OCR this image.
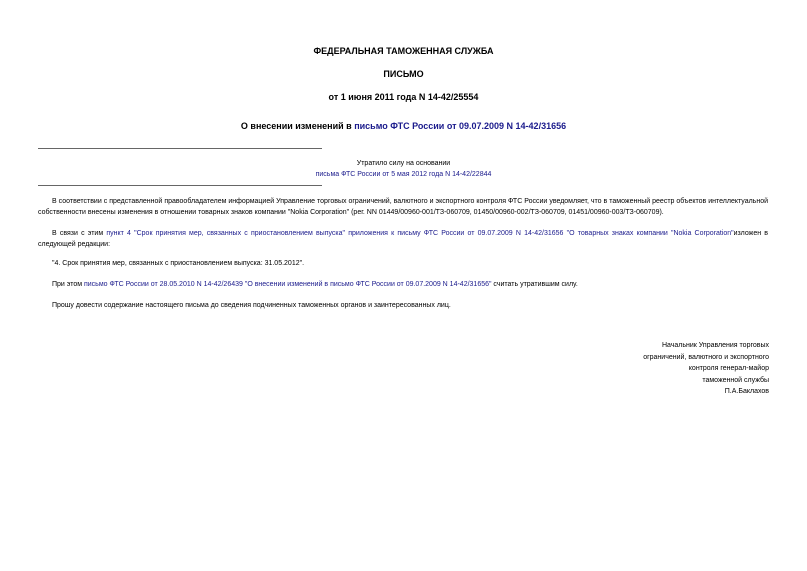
ФЕДЕРАЛЬНАЯ ТАМОЖЕННАЯ СЛУЖБА
ПИСЬМО
от 1 июня 2011 года N 14-42/25554
О внесении изменений в письмо ФТС России от 09.07.2009 N 14-42/31656
Утратило силу на основании
письма ФТС России от 5 мая 2012 года N 14-42/22844
В соответствии с представленной правообладателем информацией Управление торговых ограничений, валютного и экспортного контроля ФТС России уведомляет, что в таможенный реестр объектов интеллектуальной собственности внесены изменения в отношении товарных знаков компании "Nokia Corporation" (рег. NN 01449/00960-001/ТЗ-060709, 01450/00960-002/ТЗ-060709, 01451/00960-003/ТЗ-060709).
В связи с этим пункт 4 "Срок принятия мер, связанных с приостановлением выпуска" приложения к письму ФТС России от 09.07.2009 N 14-42/31656 "О товарных знаках компании "Nokia Corporation"изложен в следующей редакции:
"4. Срок принятия мер, связанных с приостановлением выпуска: 31.05.2012".
При этом письмо ФТС России от 28.05.2010 N 14-42/26439 "О внесении изменений в письмо ФТС России от 09.07.2009 N 14-42/31656" считать утратившим силу.
Прошу довести содержание настоящего письма до сведения подчиненных таможенных органов и заинтересованных лиц.
Начальник Управления торговых
ограничений, валютного и экспортного
контроля генерал-майор
таможенной службы
П.А.Баклахов
